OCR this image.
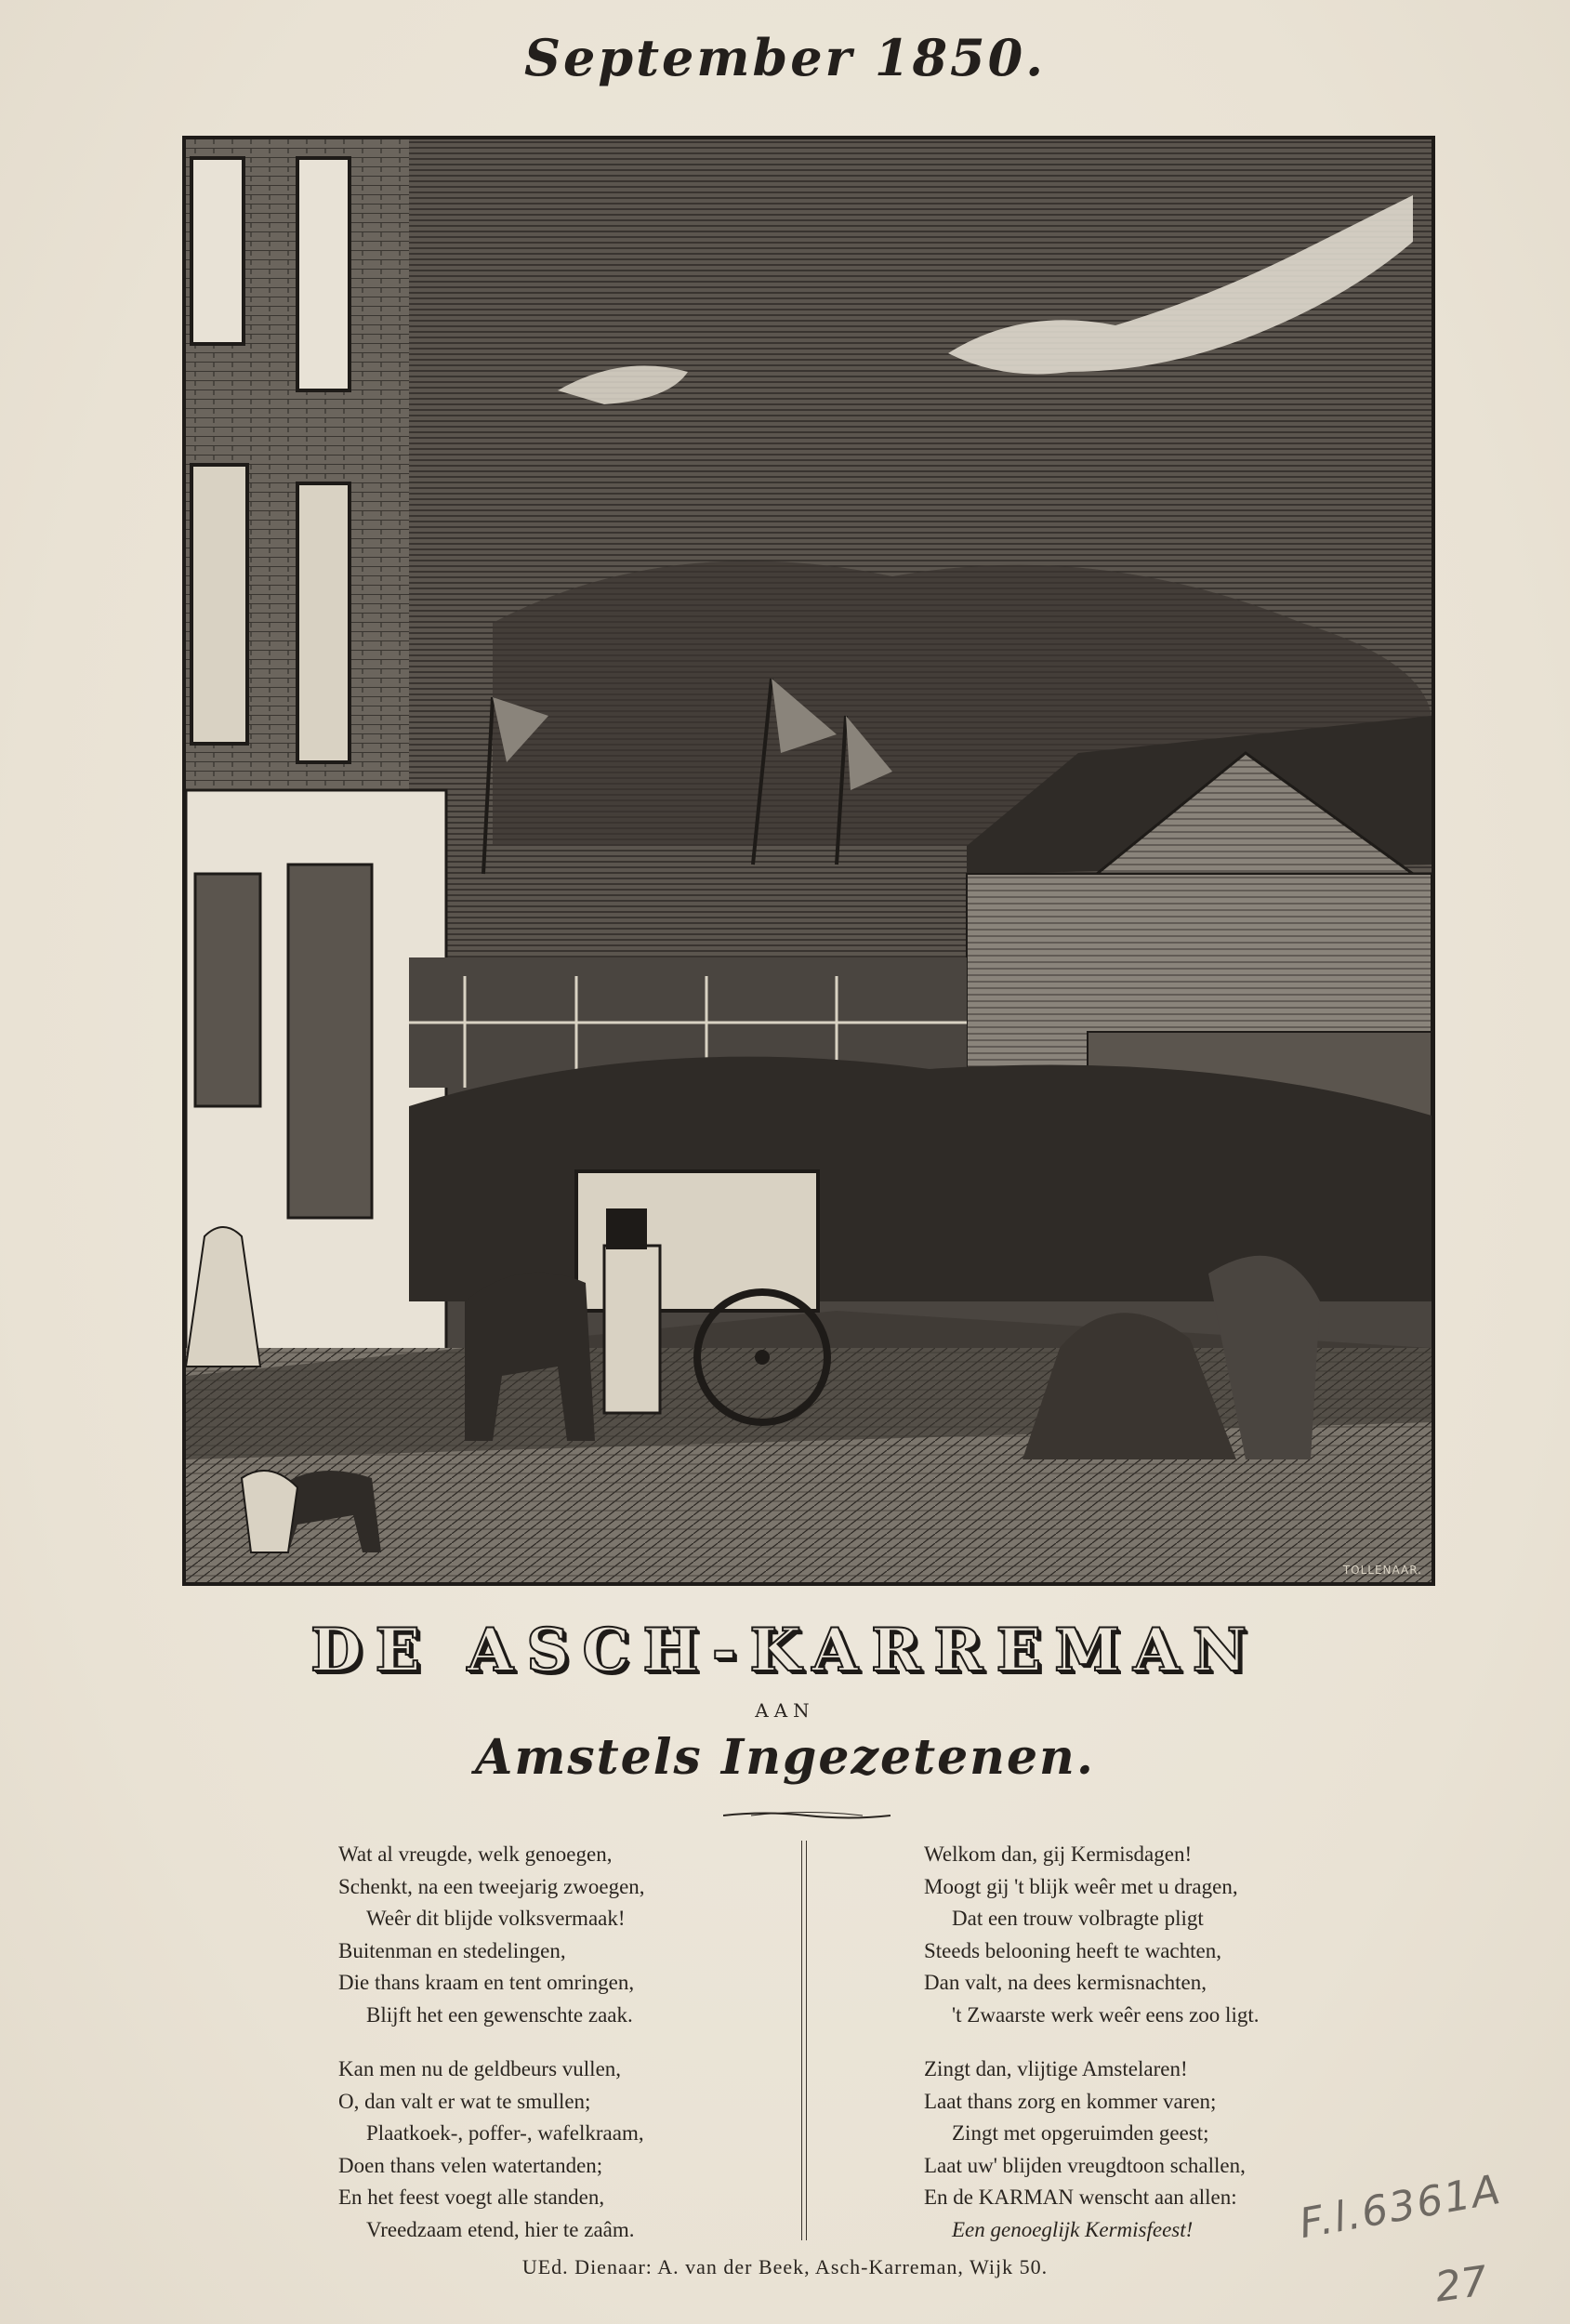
September 1850.
TOLLENAAR.
DE ASCH-KARREMAN
AAN
Amstels Ingezetenen.
Wat al vreugde, welk genoegen,
Schenkt, na een tweejarig zwoegen,
Weêr dit blijde volksvermaak!
Buitenman en stedelingen,
Die thans kraam en tent omringen,
Blijft het een gewenschte zaak.
Kan men nu de geldbeurs vullen,
O, dan valt er wat te smullen;
Plaatkoek-, poffer-, wafelkraam,
Doen thans velen watertanden;
En het feest voegt alle standen,
Vreedzaam etend, hier te zaâm.
Welkom dan, gij Kermisdagen!
Moogt gij 't blijk weêr met u dragen,
Dat een trouw volbragte pligt
Steeds belooning heeft te wachten,
Dan valt, na dees kermisnachten,
't Zwaarste werk weêr eens zoo ligt.
Zingt dan, vlijtige Amstelaren!
Laat thans zorg en kommer varen;
Zingt met opgeruimden geest;
Laat uw' blijden vreugdtoon schallen,
En de KARMAN wenscht aan allen:
Een genoeglijk Kermisfeest!
UEd. Dienaar: A. van der Beek, Asch-Karreman, Wijk 50.
F.l.6361A
27
